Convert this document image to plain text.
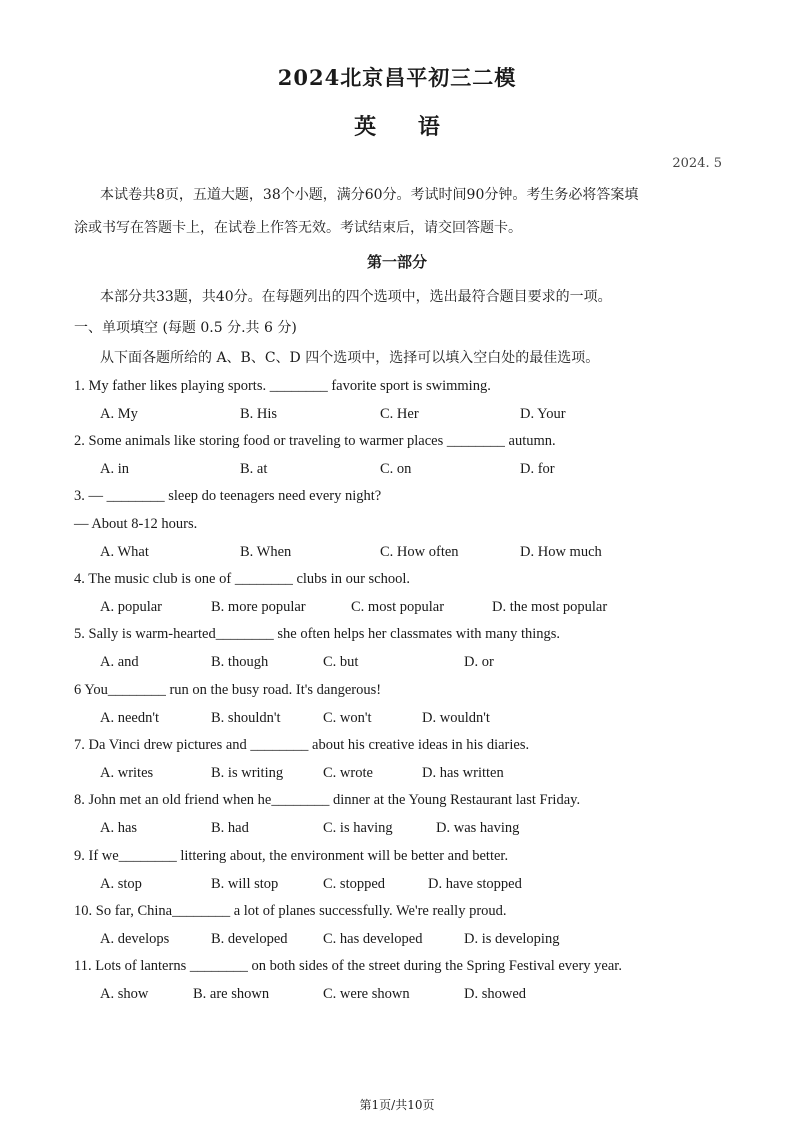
2024北京昌平初三二模
英 语
2024. 5
本试卷共8页，五道大题，38个小题，满分60分。考试时间90分钟。考生务必将答案填
涂或书写在答题卡上，在试卷上作答无效。考试结束后，请交回答题卡。
第一部分
本部分共33题，共40分。在每题列出的四个选项中，选出最符合题目要求的一项。
一、单项填空 (每题 0.5 分.共 6 分)
从下面各题所给的 A、B、C、D 四个选项中，选择可以填入空白处的最佳选项。
1. My father likes playing sports. ________ favorite sport is swimming.
A. My	B. His	C. Her	D. Your
2. Some animals like storing food or traveling to warmer places ________ autumn.
A. in	B. at	C. on	D. for
3. — ________ sleep do teenagers need every night?
— About 8-12 hours.
A. What	B. When	C. How often	D. How much
4. The music club is one of ________ clubs in our school.
A. popular	B. more popular	C. most popular	D. the most popular
5. Sally is warm-hearted________ she often helps her classmates with many things.
A. and	B. though	C. but	D. or
6 You________ run on the busy road. It's dangerous!
A. needn't	B. shouldn't	C. won't	D. wouldn't
7. Da Vinci drew pictures and ________ about his creative ideas in his diaries.
A. writes	B. is writing	C. wrote	D. has written
8. John met an old friend when he________ dinner at the Young Restaurant last Friday.
A. has	B. had	C. is having	D. was having
9. If we________ littering about, the environment will be better and better.
A. stop	B. will stop	C. stopped	D. have stopped
10. So far, China________ a lot of planes successfully. We're really proud.
A. develops	B. developed C. has developed	D. is developing
11. Lots of lanterns ________ on both sides of the street during the Spring Festival every year.
A. show	B. are shown	C. were shown	D. showed
第1页/共10页
